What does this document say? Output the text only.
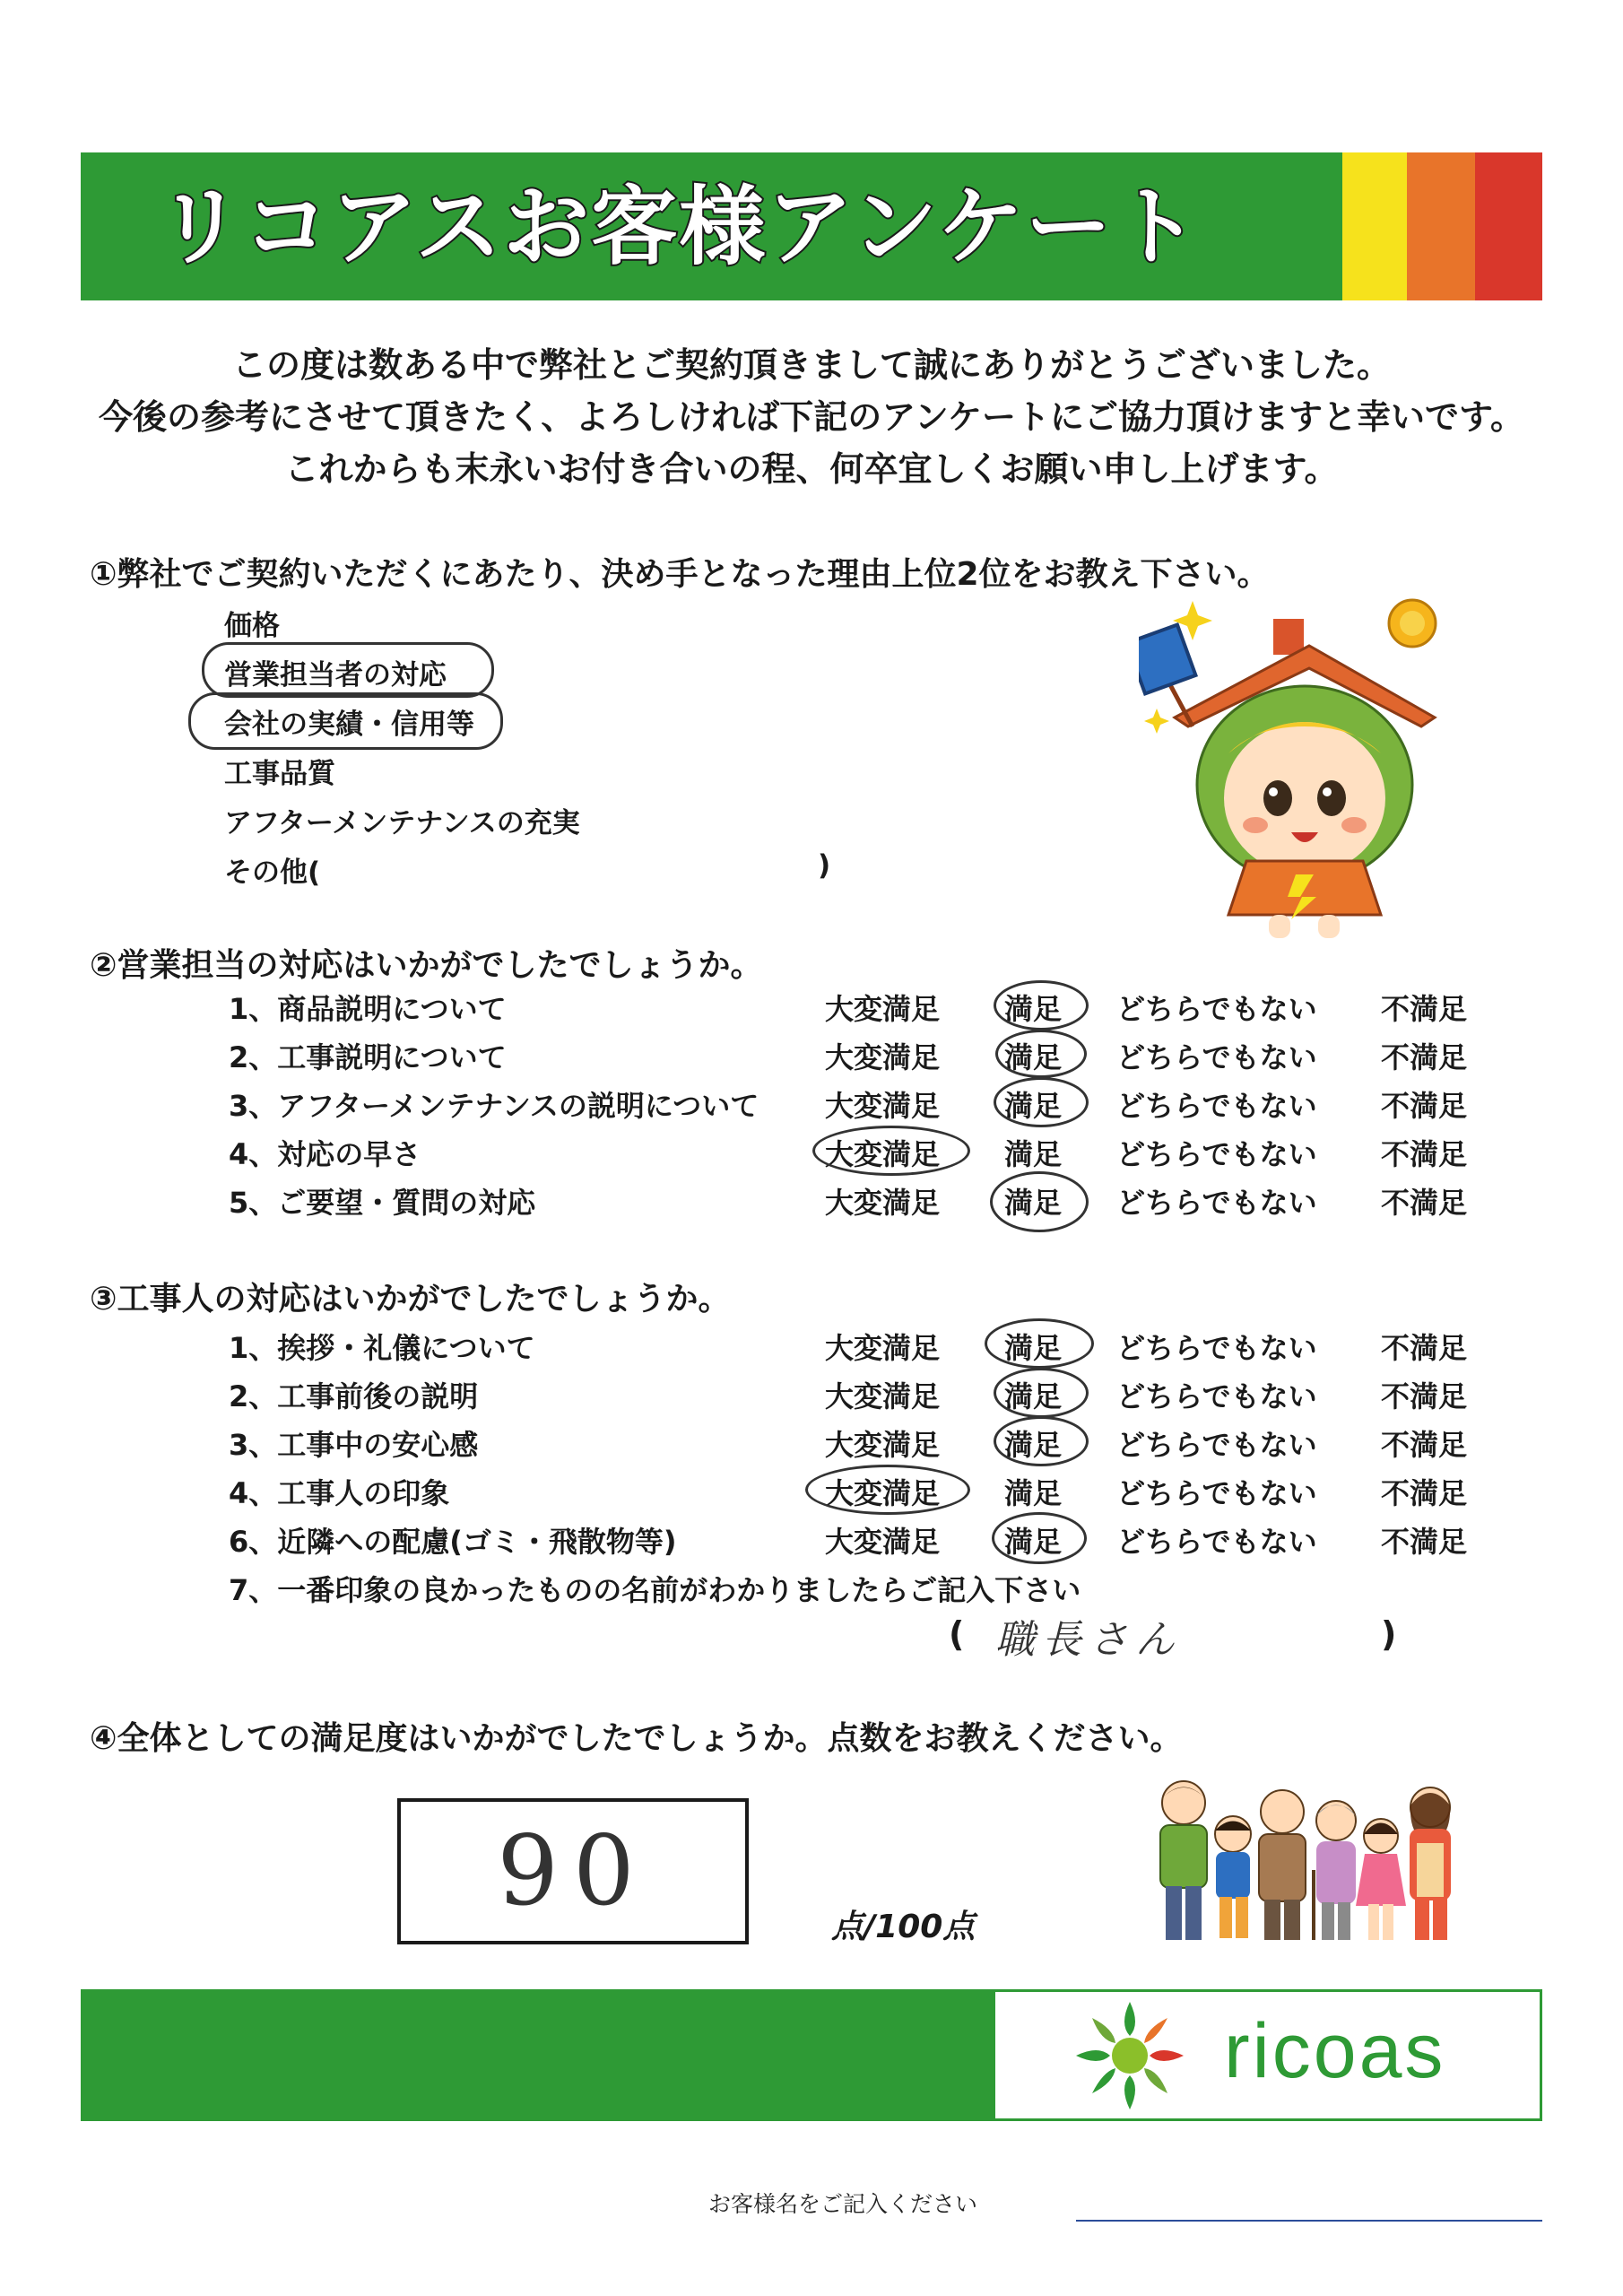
リコアスお客様アンケート
この度は数ある中で弊社とご契約頂きまして誠にありがとうございました。
今後の参考にさせて頂きたく、よろしければ下記のアンケートにご協力頂けますと幸いです。
これからも末永いお付き合いの程、何卒宜しくお願い申し上げます。
①弊社でご契約いただくにあたり、決め手となった理由上位2位をお教え下さい。
価格
営業担当者の対応
会社の実績・信用等
工事品質
アフターメンテナンスの充実
その他(	)
②営業担当の対応はいかがでしたでしょうか。
1、商品説明について	大変満足 満足 どちらでもない 不満足
2、工事説明について	大変満足 満足 どちらでもない 不満足
3、アフターメンテナンスの説明について 大変満足 満足 どちらでもない 不満足
4、対応の早さ	大変満足 満足 どちらでもない 不満足
5、ご要望・質問の対応	大変満足 満足 どちらでもない 不満足
③工事人の対応はいかがでしたでしょうか。
1、挨拶・礼儀について	大変満足 満足 どちらでもない 不満足
2、工事前後の説明	大変満足 満足 どちらでもない 不満足
3、工事中の安心感	大変満足 満足 どちらでもない 不満足
4、工事人の印象	大変満足 満足 どちらでもない 不満足
6、近隣への配慮(ゴミ・飛散物等)	大変満足 満足 どちらでもない 不満足
7、一番印象の良かったものの名前がわかりましたらご記入下さい
( 職長さん	)
④全体としての満足度はいかがでしたでしょうか。点数をお教えください。
90	点/100点
ricoas
お客様名をご記入ください
